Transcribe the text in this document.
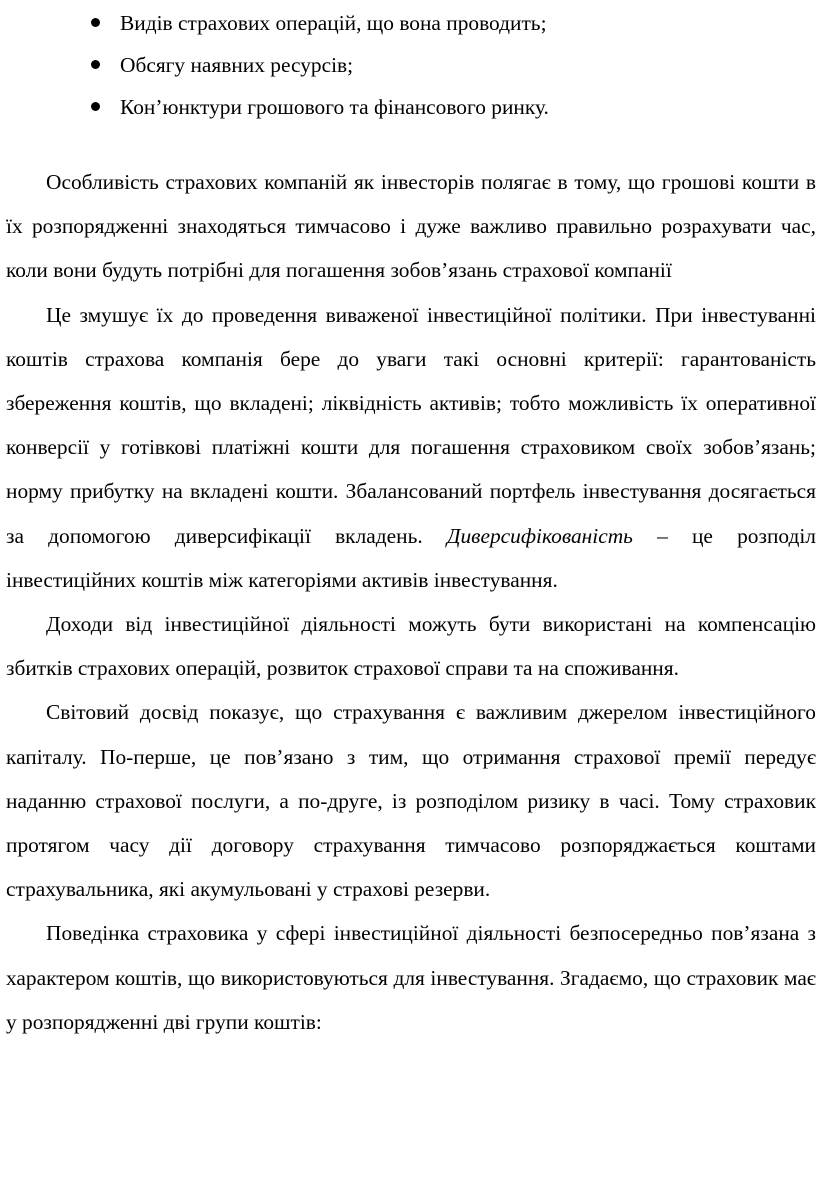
Видів страхових операцій, що вона проводить;
Обсягу наявних ресурсів;
Кон’юнктури грошового та фінансового ринку.

Особливість страхових компаній як інвесторів полягає в тому, що грошові кошти в їх розпорядженні знаходяться тимчасово і дуже важливо правильно розрахувати час, коли вони будуть потрібні для погашення зобов’язань страхової компанії

Це змушує їх до проведення виваженої інвестиційної політики. При інвестуванні коштів страхова компанія бере до уваги такі основні критерії: гарантованість збереження коштів, що вкладені; ліквідність активів; тобто можливість їх оперативної конверсії у готівкові платіжні кошти для погашення страховиком своїх зобов’язань; норму прибутку на вкладені кошти. Збалансований портфель інвестування досягається за допомогою диверсифікації вкладень. Диверсифікованість – це розподіл інвестиційних коштів між категоріями активів інвестування.

Доходи від інвестиційної діяльності можуть бути використані на компенсацію збитків страхових операцій, розвиток страхової справи та на споживання.

Світовий досвід показує, що страхування є важливим джерелом інвестиційного капіталу. По-перше, це пов’язано з тим, що отримання страхової премії передує наданню страхової послуги, а по-друге, із розподілом ризику в часі. Тому страховик протягом часу дії договору страхування тимчасово розпоряджається коштами страхувальника, які акумульовані у страхові резерви.

Поведінка страховика у сфері інвестиційної діяльності безпосередньо пов’язана з характером коштів, що використовуються для інвестування. Згадаємо, що страховик має у розпорядженні дві групи коштів:
